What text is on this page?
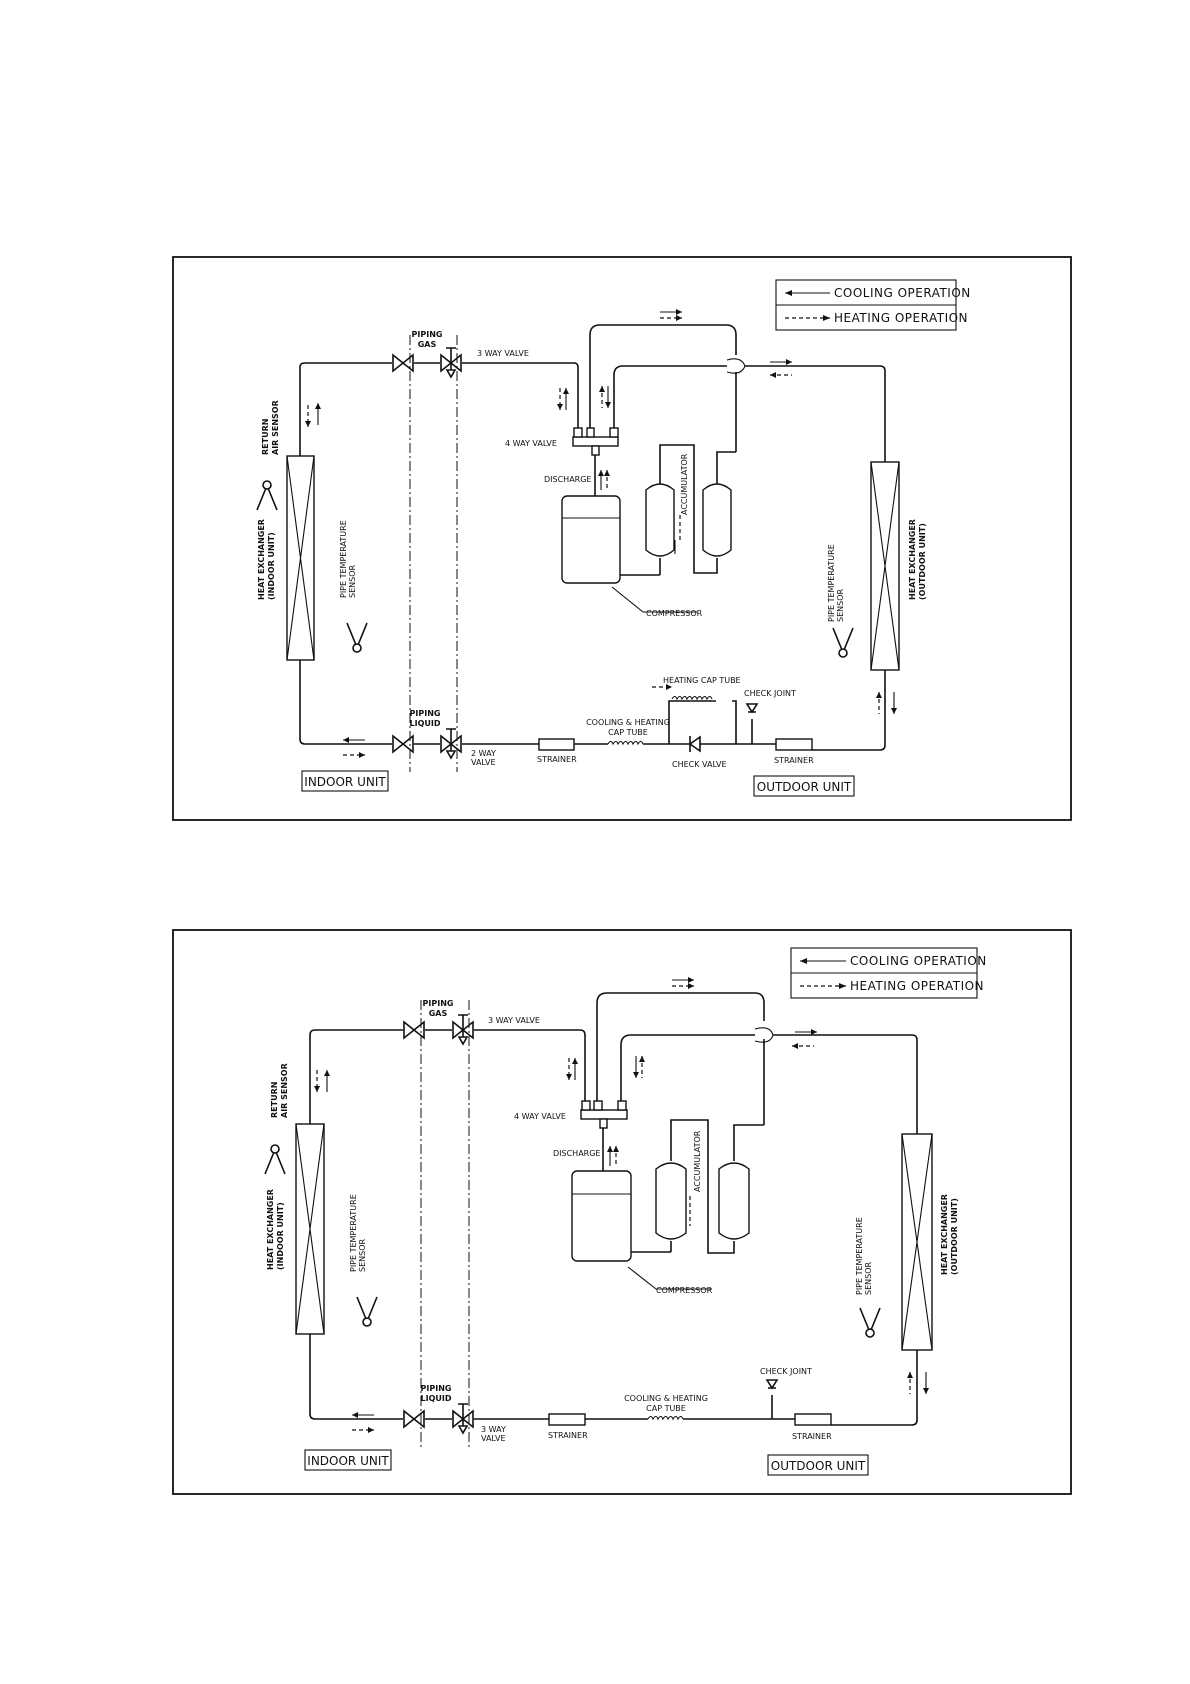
COOLING OPERATION
HEATING OPERATION
PIPING GAS
3 WAY VALVE
4 WAY VALVE
DISCHARGE	ACCUMULATOR
COMPRESSOR
RETURNAIR SENSOR
HEAT EXCHANGER(INDOOR UNIT)	PIPE TEMPERATURESENSOR	PIPE TEMPERATURESENSOR
HEAT EXCHANGER(OUTDOOR UNIT)
PIPING LIQUID
2 WAY VALVE	STRAINER
COOLING & HEATING CAP TUBE
HEATING CAP TUBE
CHECK JOINT
CHECK VALVE	STRAINER
INDOOR UNIT	OUTDOOR UNIT
COOLING OPERATION
HEATING OPERATION
PIPING GAS
3 WAY VALVE
4 WAY VALVE
DISCHARGE	ACCUMULATOR
COMPRESSOR
RETURNAIR SENSOR
HEAT EXCHANGER(INDOOR UNIT)	PIPE TEMPERATURESENSOR	PIPE TEMPERATURESENSOR
HEAT EXCHANGER(OUTDOOR UNIT)
PIPING LIQUID
3 WAY VALVE	STRAINER
COOLING & HEATING CAP TUBE
CHECK JOINT
STRAINER
INDOOR UNIT	OUTDOOR UNIT
